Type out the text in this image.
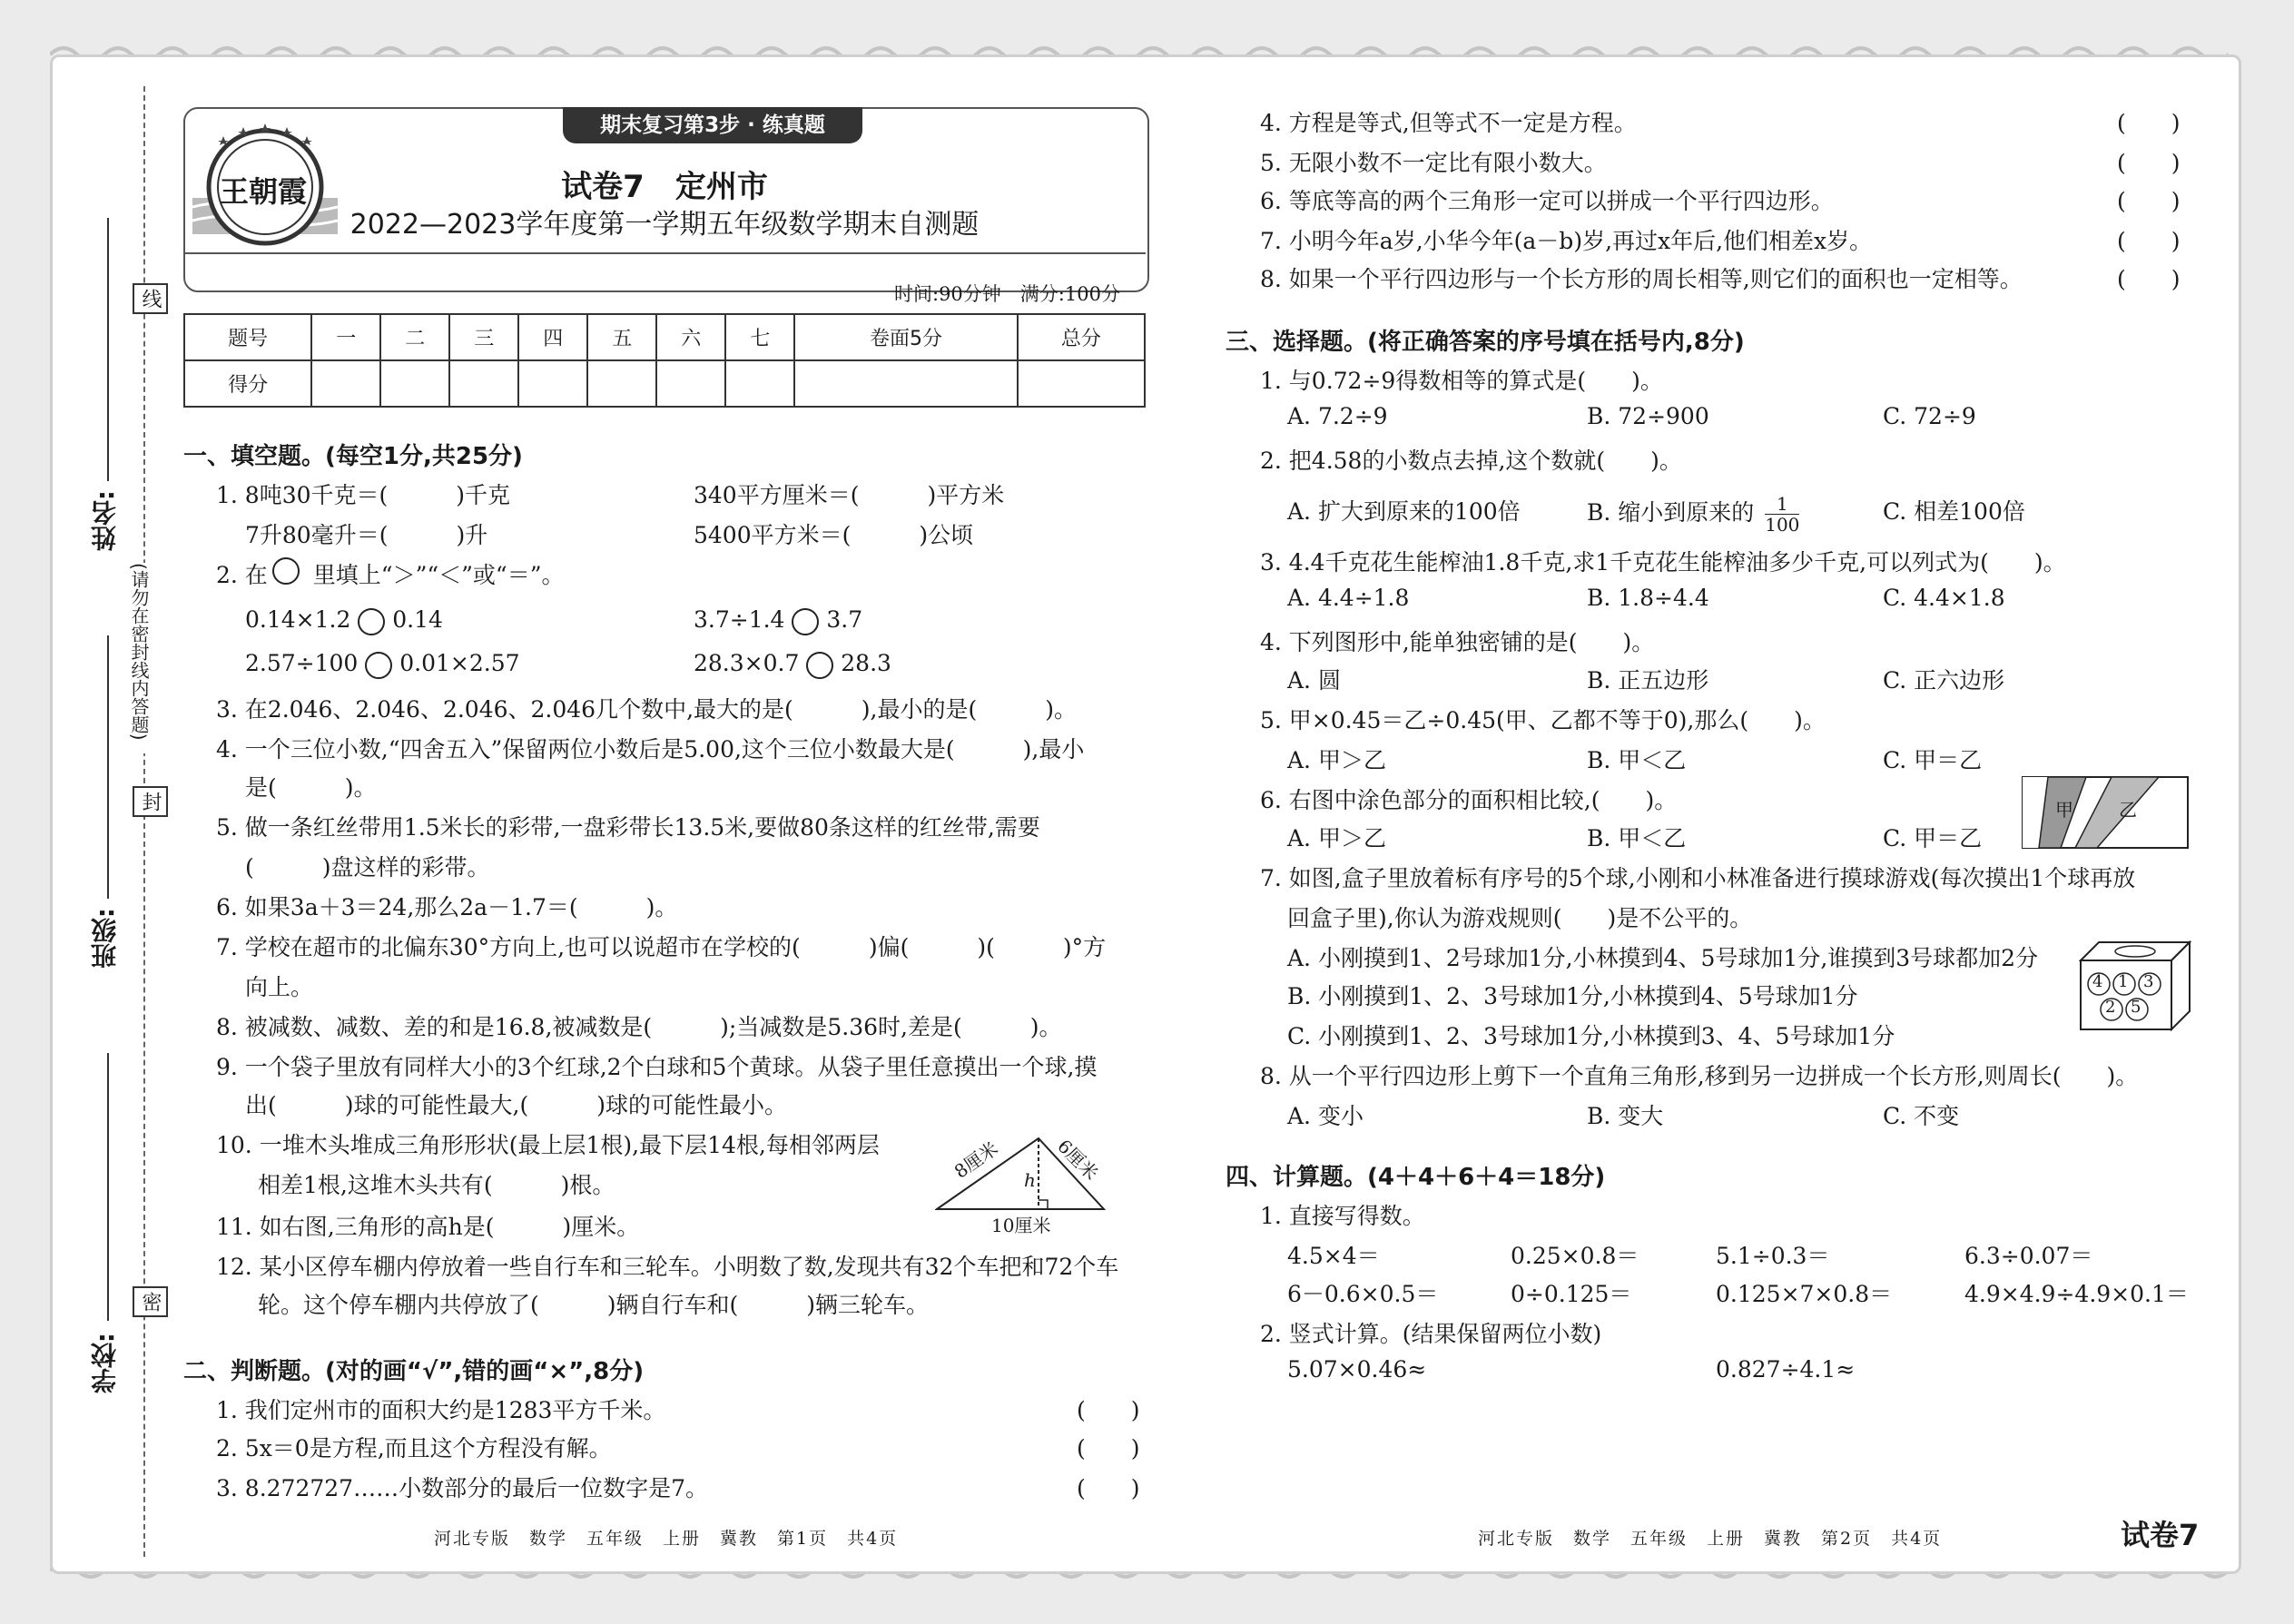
线
(请勿在密封线内答题)
封
密
姓名:
班级:
学校:
期末复习第3步 · 练真题
王朝霞	试卷7　定州市
2022—2023学年度第一学期五年级数学期末自测题
时间:90分钟　满分:100分
题号	一	二	三	四	五	六	七	卷面5分	总分
得分									
一、填空题。(每空1分,共25分)
1. 8吨30千克＝(　　　)千克	340平方厘米＝(　　　)平方米
7升80毫升＝(　　　)升	5400平方米＝(　　　)公顷
2. 在　　里填上“＞”“＜”或“＝”。
0.14×1.2 0.14	3.7÷1.4 3.7
2.57÷100 0.01×2.57	28.3×0.7 28.3
3. 在2.046、2.046、2.046、2.046几个数中,最大的是(　　　),最小的是(　　　)。
4. 一个三位小数,“四舍五入”保留两位小数后是5.00,这个三位小数最大是(　　　),最小
是(　　　)。
5. 做一条红丝带用1.5米长的彩带,一盘彩带长13.5米,要做80条这样的红丝带,需要
(　　　)盘这样的彩带。
6. 如果3a＋3＝24,那么2a－1.7＝(　　　)。
7. 学校在超市的北偏东30°方向上,也可以说超市在学校的(　　　)偏(　　　)(　　　)°方
向上。
8. 被减数、减数、差的和是16.8,被减数是(　　　);当减数是5.36时,差是(　　　)。
9. 一个袋子里放有同样大小的3个红球,2个白球和5个黄球。从袋子里任意摸出一个球,摸
出(　　　)球的可能性最大,(　　　)球的可能性最小。
10. 一堆木头堆成三角形形状(最上层1根),最下层14根,每相邻两层
相差1根,这堆木头共有(　　　)根。
11. 如右图,三角形的高h是(　　　)厘米。
12. 某小区停车棚内停放着一些自行车和三轮车。小明数了数,发现共有32个车把和72个车
轮。这个停车棚内共停放了(　　　)辆自行车和(　　　)辆三轮车。
8厘米	6厘米
h
10厘米
二、判断题。(对的画“√”,错的画“×”,8分)
1. 我们定州市的面积大约是1283平方千米。	(　　)
2. 5x＝0是方程,而且这个方程没有解。	(　　)
3. 8.272727……小数部分的最后一位数字是7。	(　　)
河北专版　数学　五年级　上册　冀教　第1页　共4页
4. 方程是等式,但等式不一定是方程。	(　　)
5. 无限小数不一定比有限小数大。	(　　)
6. 等底等高的两个三角形一定可以拼成一个平行四边形。	(　　)
7. 小明今年a岁,小华今年(a－b)岁,再过x年后,他们相差x岁。	(　　)
8. 如果一个平行四边形与一个长方形的周长相等,则它们的面积也一定相等。	(　　)
三、选择题。(将正确答案的序号填在括号内,8分)
1. 与0.72÷9得数相等的算式是(　　)。
A. 7.2÷9	B. 72÷900	C. 72÷9
2. 把4.58的小数点去掉,这个数就(　　)。
A. 扩大到原来的100倍	B. 缩小到原来的 $\frac{1}{100}$	C. 相差100倍
3. 4.4千克花生能榨油1.8千克,求1千克花生能榨油多少千克,可以列式为(　　)。
A. 4.4÷1.8	B. 1.8÷4.4	C. 4.4×1.8
4. 下列图形中,能单独密铺的是(　　)。
A. 圆	B. 正五边形	C. 正六边形
5. 甲×0.45＝乙÷0.45(甲、乙都不等于0),那么(　　)。
A. 甲＞乙	B. 甲＜乙	C. 甲＝乙
6. 右图中涂色部分的面积相比较,(　　)。
A. 甲＞乙	B. 甲＜乙	C. 甲＝乙
甲	乙
7. 如图,盒子里放着标有序号的5个球,小刚和小林准备进行摸球游戏(每次摸出1个球再放
回盒子里),你认为游戏规则(　　)是不公平的。
A. 小刚摸到1、2号球加1分,小林摸到4、5号球加1分,谁摸到3号球都加2分
B. 小刚摸到1、2、3号球加1分,小林摸到4、5号球加1分
C. 小刚摸到1、2、3号球加1分,小林摸到3、4、5号球加1分
4 1 3
2 5
8. 从一个平行四边形上剪下一个直角三角形,移到另一边拼成一个长方形,则周长(　　)。
A. 变小	B. 变大	C. 不变
四、计算题。(4＋4＋6＋4＝18分)
1. 直接写得数。
4.5×4＝	0.25×0.8＝	5.1÷0.3＝	6.3÷0.07＝
6－0.6×0.5＝	0÷0.125＝	0.125×7×0.8＝	4.9×4.9÷4.9×0.1＝
2. 竖式计算。(结果保留两位小数)
5.07×0.46≈	0.827÷4.1≈
河北专版　数学　五年级　上册　冀教　第2页　共4页	试卷7
